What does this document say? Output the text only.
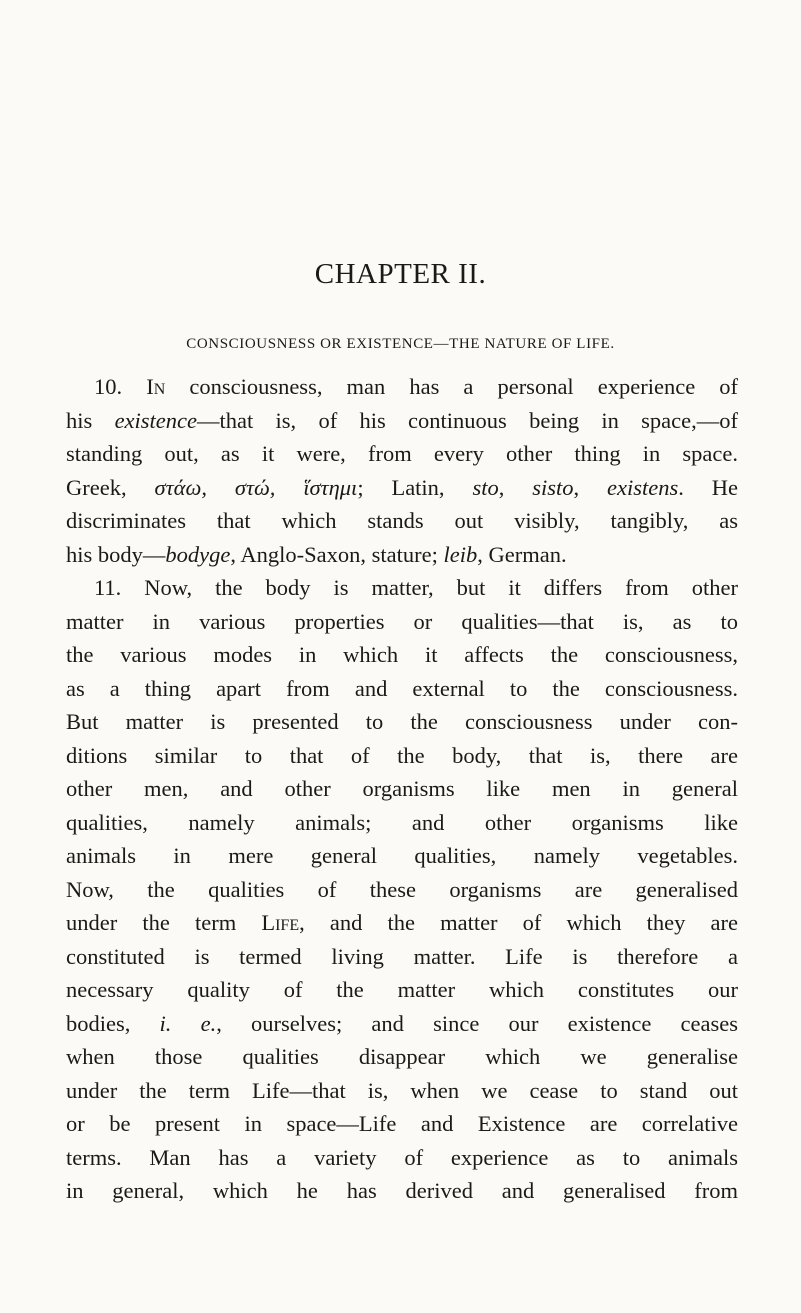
CHAPTER II.
CONSCIOUSNESS OR EXISTENCE—THE NATURE OF LIFE.
10. In consciousness, man has a personal experience of
his existence—that is, of his continuous being in space,—of
standing out, as it were, from every other thing in space.
Greek, στάω, στώ, ἵστημι; Latin, sto, sisto, existens. He
discriminates that which stands out visibly, tangibly, as
his body—bodyge, Anglo-Saxon, stature; leib, German.
11. Now, the body is matter, but it differs from other
matter in various properties or qualities—that is, as to
the various modes in which it affects the consciousness,
as a thing apart from and external to the consciousness.
But matter is presented to the consciousness under con-
ditions similar to that of the body, that is, there are
other men, and other organisms like men in general
qualities, namely animals; and other organisms like
animals in mere general qualities, namely vegetables.
Now, the qualities of these organisms are generalised
under the term Life, and the matter of which they are
constituted is termed living matter. Life is therefore a
necessary quality of the matter which constitutes our
bodies, i. e., ourselves; and since our existence ceases
when those qualities disappear which we generalise
under the term Life—that is, when we cease to stand out
or be present in space—Life and Existence are correlative
terms. Man has a variety of experience as to animals
in general, which he has derived and generalised from
